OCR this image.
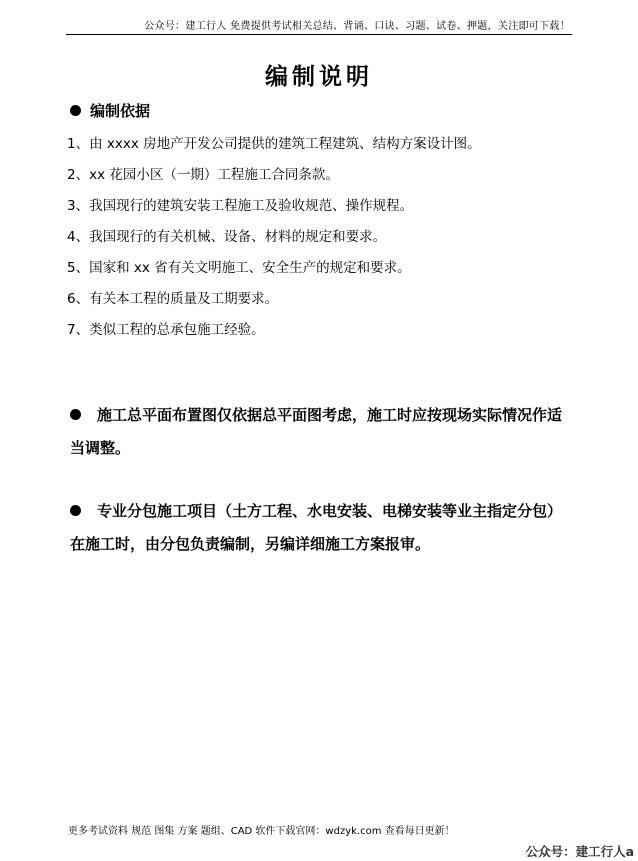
公众号：建工行人 免费提供考试相关总结、背诵、口诀、习题、试卷、押题，关注即可下载！
编制说明
编制依据
1、由 xxxx 房地产开发公司提供的建筑工程建筑、结构方案设计图。
2、xx 花园小区（一期）工程施工合同条款。
3、我国现行的建筑安装工程施工及验收规范、操作规程。
4、我国现行的有关机械、设备、材料的规定和要求。
5、国家和 xx 省有关文明施工、安全生产的规定和要求。
6、有关本工程的质量及工期要求。
7、类似工程的总承包施工经验。
施工总平面布置图仅依据总平面图考虑，施工时应按现场实际情况作适当调整。
专业分包施工项目（土方工程、水电安装、电梯安装等业主指定分包）在施工时，由分包负责编制，另编详细施工方案报审。
更多考试资料 规范 图集 方案 题组、CAD 软件下载官网：wdzyk.com 查看每日更新！
公众号：建工行人a
